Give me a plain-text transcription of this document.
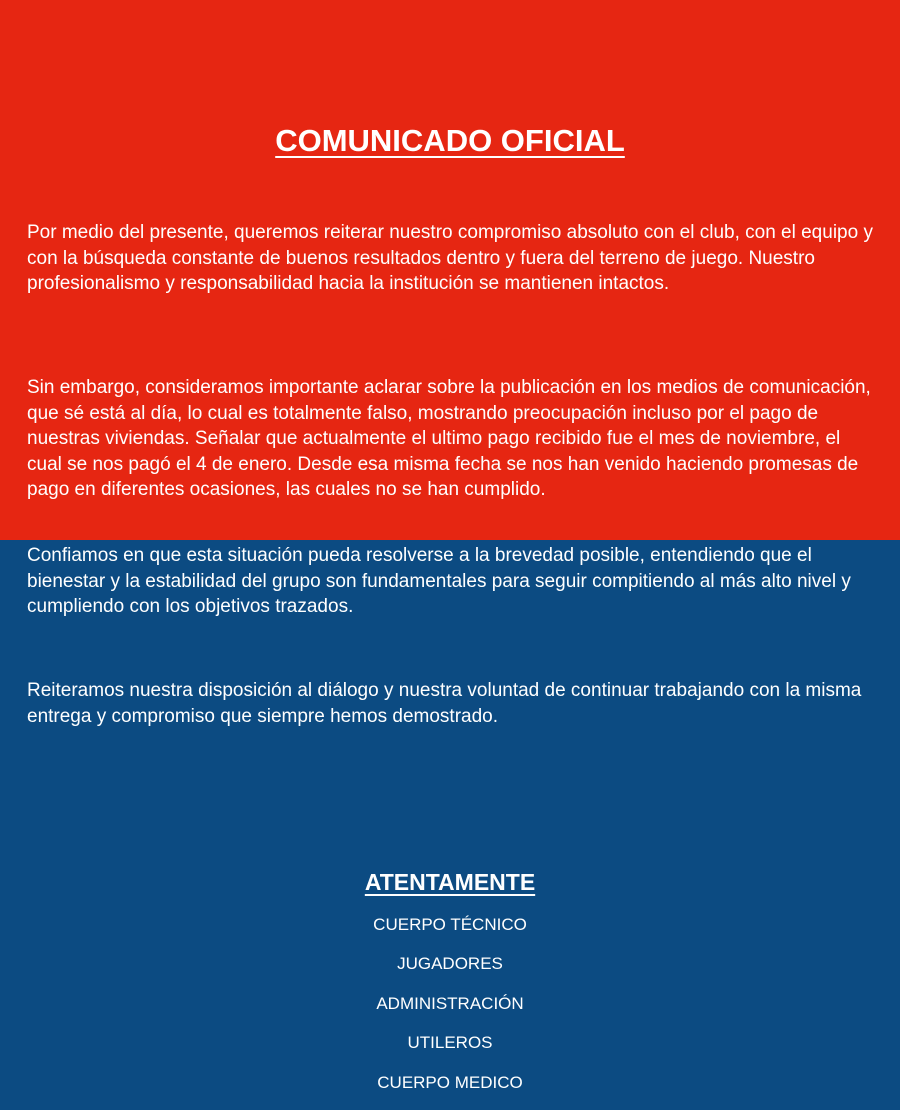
COMUNICADO OFICIAL

Por medio del presente, queremos reiterar nuestro compromiso absoluto con el club, con el equipo y con la búsqueda constante de buenos resultados dentro y fuera del terreno de juego. Nuestro profesionalismo y responsabilidad hacia la institución se mantienen intactos.

Sin embargo, consideramos importante aclarar sobre la publicación en los medios de comunicación, que sé está al día, lo cual es totalmente falso, mostrando preocupación incluso por el pago de nuestras viviendas. Señalar que actualmente el ultimo pago recibido fue el mes de noviembre, el cual se nos pagó el 4 de enero. Desde esa misma fecha se nos han venido haciendo promesas de pago en diferentes ocasiones, las cuales no se han cumplido.

Confiamos en que esta situación pueda resolverse a la brevedad posible, entendiendo que el bienestar y la estabilidad del grupo son fundamentales para seguir compitiendo al más alto nivel y cumpliendo con los objetivos trazados.

Reiteramos nuestra disposición al diálogo y nuestra voluntad de continuar trabajando con la misma entrega y compromiso que siempre hemos demostrado.

ATENTAMENTE
CUERPO TÉCNICO
JUGADORES
ADMINISTRACIÓN
UTILEROS
CUERPO MEDICO
